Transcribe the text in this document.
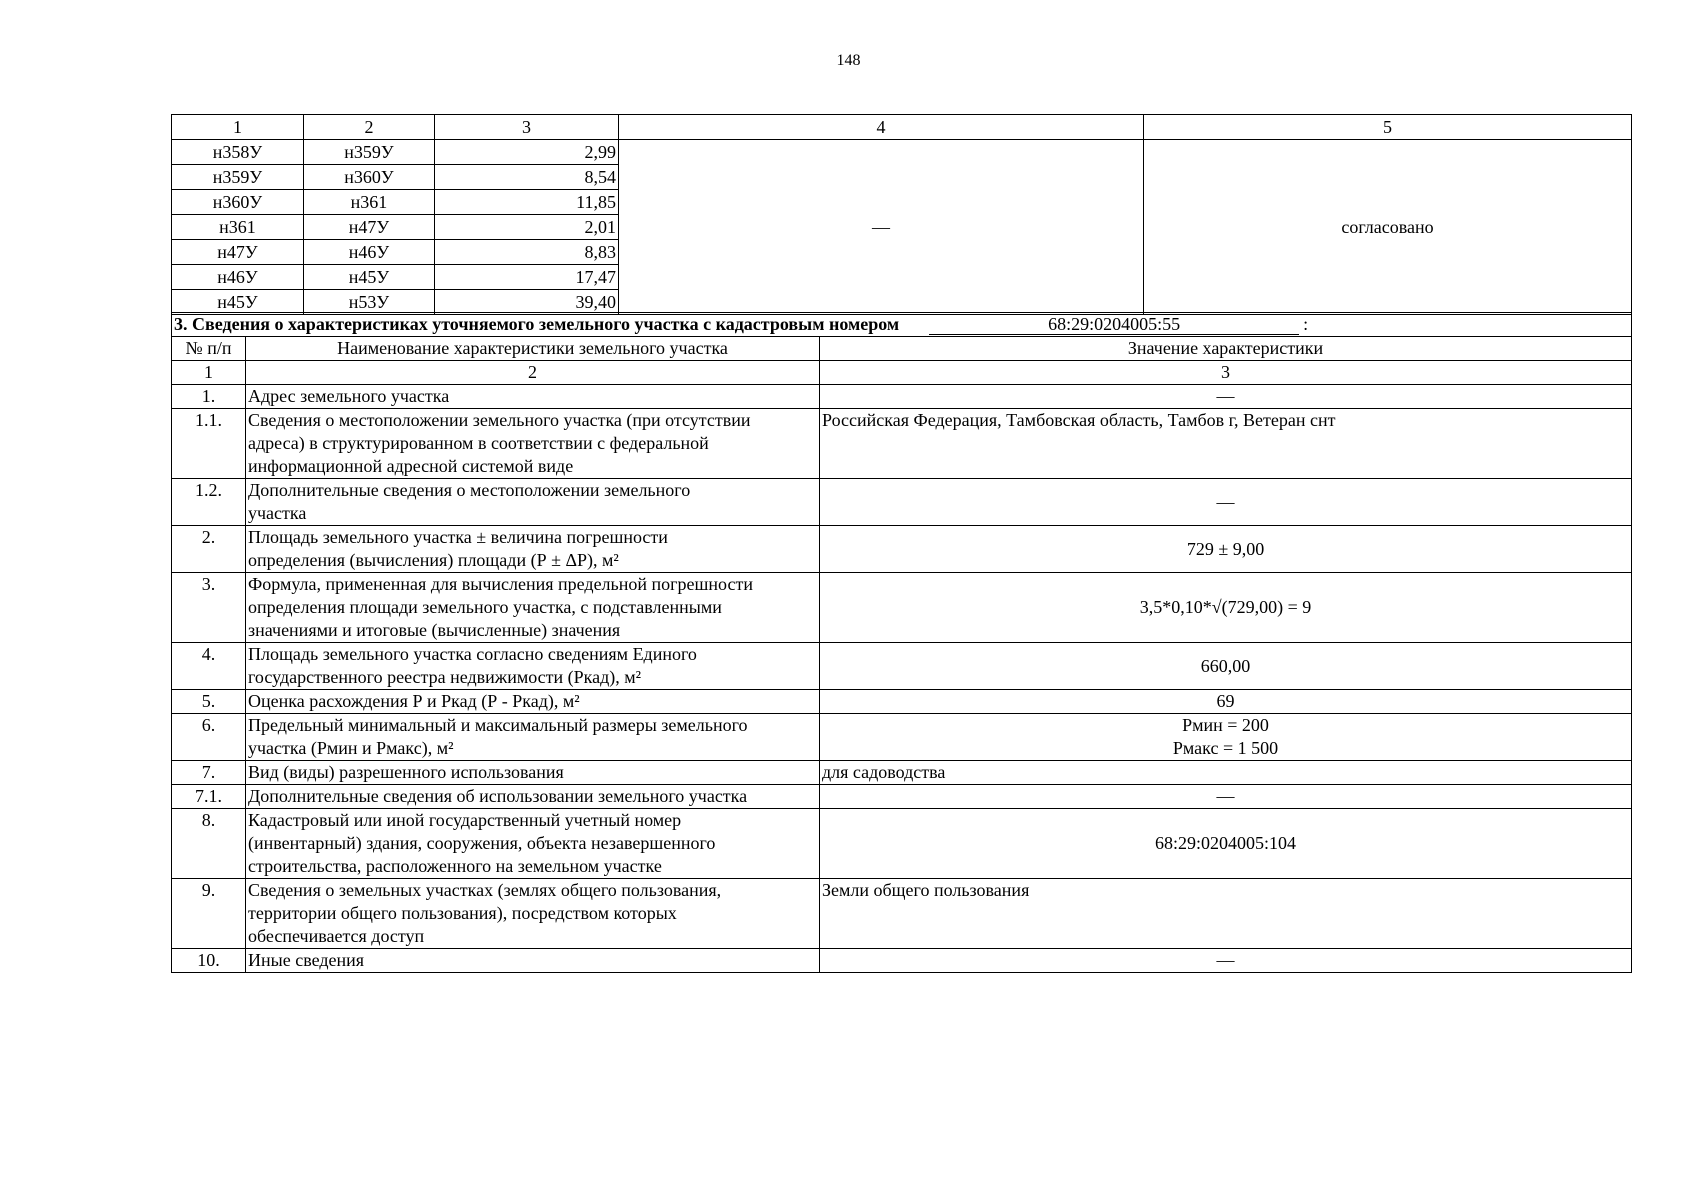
148
1	2	3	4	5
н358У	н359У	2,99	—	согласовано
н359У	н360У	8,54		
н360У	н361	11,85		
н361	н47У	2,01		
н47У	н46У	8,83		
н46У	н45У	17,47		
н45У	н53У	39,40		
3. Сведения о характеристиках уточняемого земельного участка с кадастровым номером 68:29:0204005:55 :		
№ п/п	Наименование характеристики земельного участка	Значение характеристики
1	2	3
1.	Адрес земельного участка	—

1.1.	Сведения о местоположении земельного участка (при отсутствии
адреса) в структурированном в соответствии с федеральной
информационной адресной системой виде	Российская Федерация, Тамбовская область, Тамбов г, Ветеран снт

1.2.	Дополнительные сведения о местоположении земельного
участка	—

2.	Площадь земельного участка ± величина погрешности
определения (вычисления) площади (Р ± ΔР), м²	729 ± 9,00

3.	Формула, примененная для вычисления предельной погрешности
определения площади земельного участка, с подставленными
значениями и итоговые (вычисленные) значения	3,5*0,10*√(729,00) = 9

4.	Площадь земельного участка согласно сведениям Единого
государственного реестра недвижимости (Ркад), м²	660,00

5.	Оценка расхождения Р и Ркад (Р - Ркад), м²	69

6.	Предельный минимальный и максимальный размеры земельного
участка (Рмин и Рмакс), м²	Рмин = 200
Рмакс = 1 500

7.	Вид (виды) разрешенного использования	для садоводства

7.1.	Дополнительные сведения об использовании земельного участка	—

8.	Кадастровый или иной государственный учетный номер
(инвентарный) здания, сооружения, объекта незавершенного
строительства, расположенного на земельном участке	68:29:0204005:104

9.	Сведения о земельных участках (землях общего пользования,
территории общего пользования), посредством которых
обеспечивается доступ	Земли общего пользования

10.	Иные сведения	—
